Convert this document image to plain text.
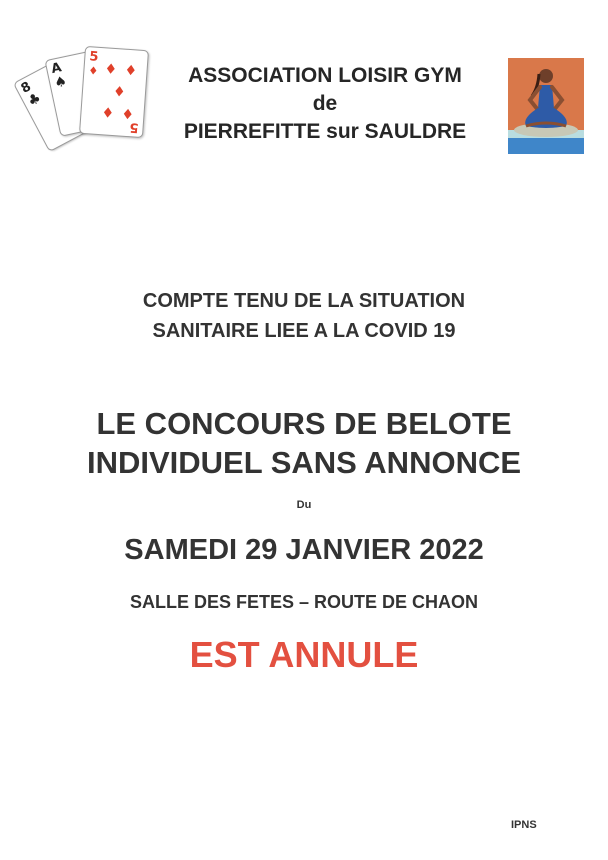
8
♣
A
♠
5
♦ ♦ ♦
♦
♦ ♦
5
ASSOCIATION LOISIR GYM
de
PIERREFITTE sur SAULDRE
COMPTE TENU DE LA SITUATION
SANITAIRE LIEE A LA COVID 19
LE CONCOURS DE BELOTE
INDIVIDUEL SANS ANNONCE
Du
SAMEDI 29 JANVIER 2022
SALLE DES FETES – ROUTE DE CHAON
EST ANNULE
IPNS
